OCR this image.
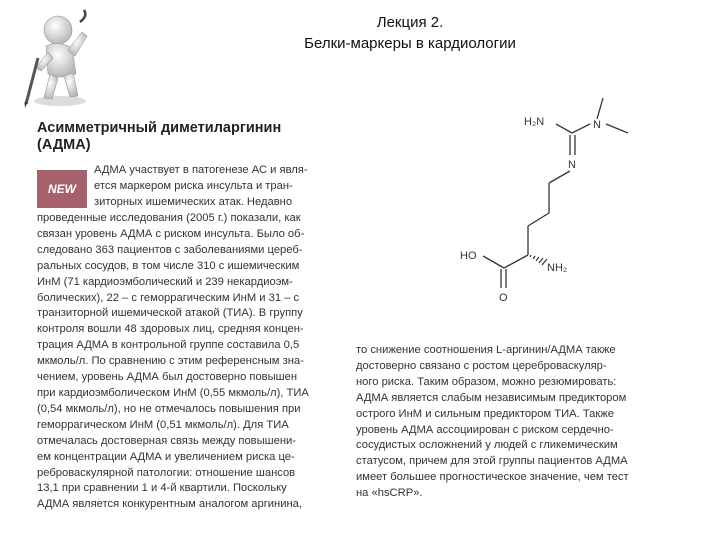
Лекция 2.
Белки-маркеры в кардиологии
Асимметричный диметиларгинин
(АДМА)
NEW
АДМА участвует в патогенезе АС и явля-
ется маркером риска инсульта и тран-
зиторных ишемических атак. Недавно
проведенные исследования (2005 г.) показали, как
связан уровень АДМА с риском инсульта. Было об-
следовано 363 пациентов с заболеваниями цереб-
ральных сосудов, в том числе 310 с ишемическим
ИнМ (71 кардиоэмболический и 239 некардиоэм-
болических), 22 – с геморрагическим ИнМ и 31 – с
транзиторной ишемической атакой (ТИА). В группу
контроля вошли 48 здоровых лиц, средняя концен-
трация АДМА в контрольной группе составила 0,5
мкмоль/л. По сравнению с этим референсным зна-
чением, уровень АДМА был достоверно повышен
при кардиоэмболическом ИнМ (0,55 мкмоль/л), ТИА
(0,54 мкмоль/л), но не отмечалось повышения при
геморрагическом ИнМ (0,51 мкмоль/л). Для ТИА
отмечалась достоверная связь между повышени-
ем концентрации АДМА и увеличением риска це-
реброваскулярной патологии: отношение шансов
13,1 при сравнении 1 и 4-й квартили. Поскольку
АДМА является конкурентным аналогом аргинина,
H₂N	N
N
HO
NH₂
O
то снижение соотношения L-аргинин/АДМА также
достоверно связано с ростом цереброваскуляр-
ного риска. Таким образом, можно резюмировать:
АДМА является слабым независимым предиктором
острого ИнМ и сильным предиктором ТИА. Также
уровень АДМА ассоциирован с риском сердечно-
сосудистых осложнений у людей с гликемическим
статусом, причем для этой группы пациентов АДМА
имеет большее прогностическое значение, чем тест
на «hsCRP».
